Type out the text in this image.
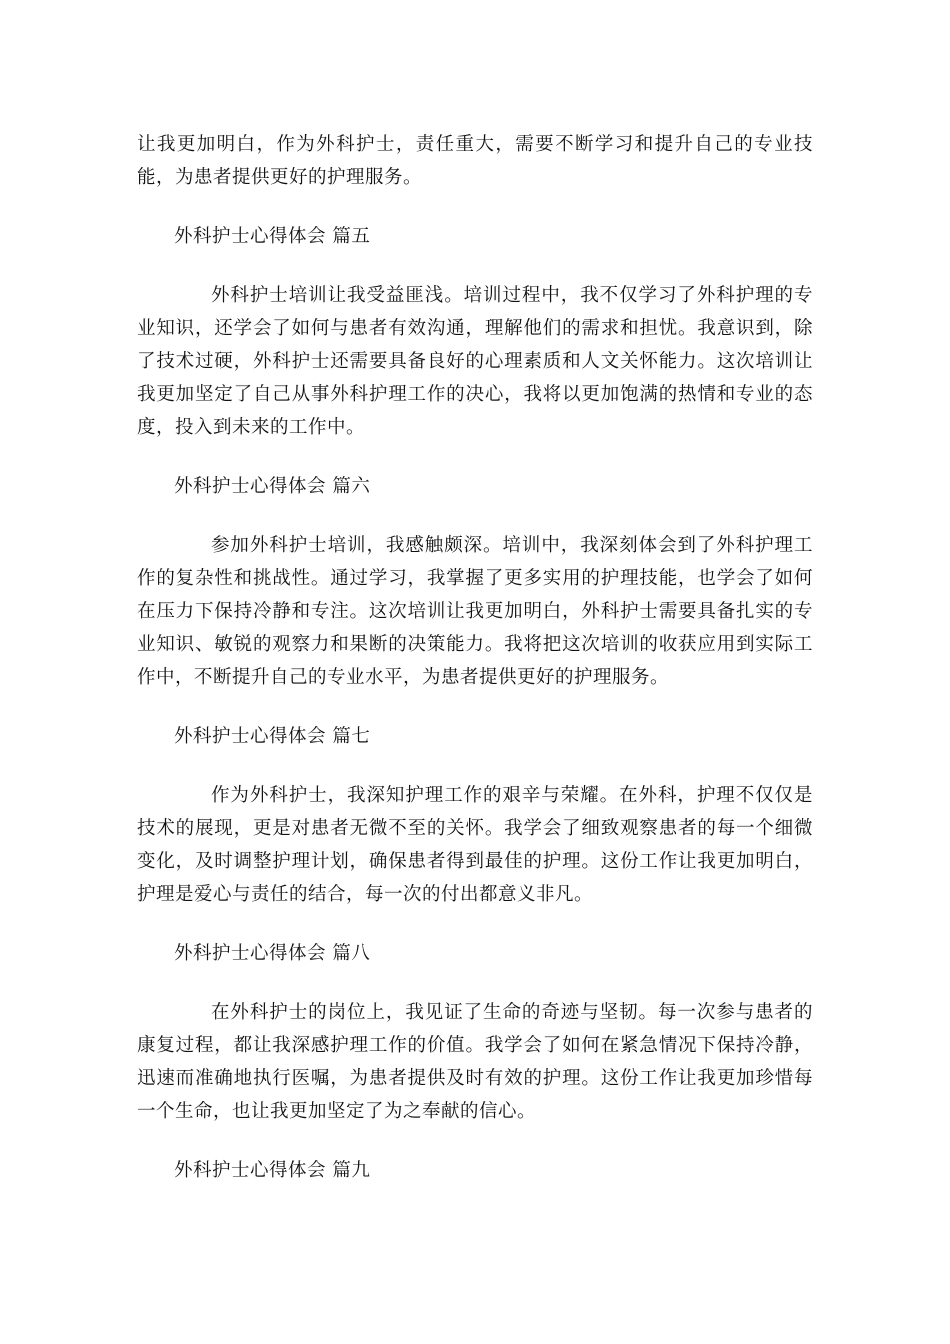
让我更加明白，作为外科护士，责任重大，需要不断学习和提升自己的专业技能，为患者提供更好的护理服务。

外科护士心得体会 篇五

外科护士培训让我受益匪浅。培训过程中，我不仅学习了外科护理的专业知识，还学会了如何与患者有效沟通，理解他们的需求和担忧。我意识到，除了技术过硬，外科护士还需要具备良好的心理素质和人文关怀能力。这次培训让我更加坚定了自己从事外科护理工作的决心，我将以更加饱满的热情和专业的态度，投入到未来的工作中。

外科护士心得体会 篇六

参加外科护士培训，我感触颇深。培训中，我深刻体会到了外科护理工作的复杂性和挑战性。通过学习，我掌握了更多实用的护理技能，也学会了如何在压力下保持冷静和专注。这次培训让我更加明白，外科护士需要具备扎实的专业知识、敏锐的观察力和果断的决策能力。我将把这次培训的收获应用到实际工作中，不断提升自己的专业水平，为患者提供更好的护理服务。

外科护士心得体会 篇七

作为外科护士，我深知护理工作的艰辛与荣耀。在外科，护理不仅仅是技术的展现，更是对患者无微不至的关怀。我学会了细致观察患者的每一个细微变化，及时调整护理计划，确保患者得到最佳的护理。这份工作让我更加明白，护理是爱心与责任的结合，每一次的付出都意义非凡。

外科护士心得体会 篇八

在外科护士的岗位上，我见证了生命的奇迹与坚韧。每一次参与患者的康复过程，都让我深感护理工作的价值。我学会了如何在紧急情况下保持冷静，迅速而准确地执行医嘱，为患者提供及时有效的护理。这份工作让我更加珍惜每一个生命，也让我更加坚定了为之奉献的信心。

外科护士心得体会 篇九
